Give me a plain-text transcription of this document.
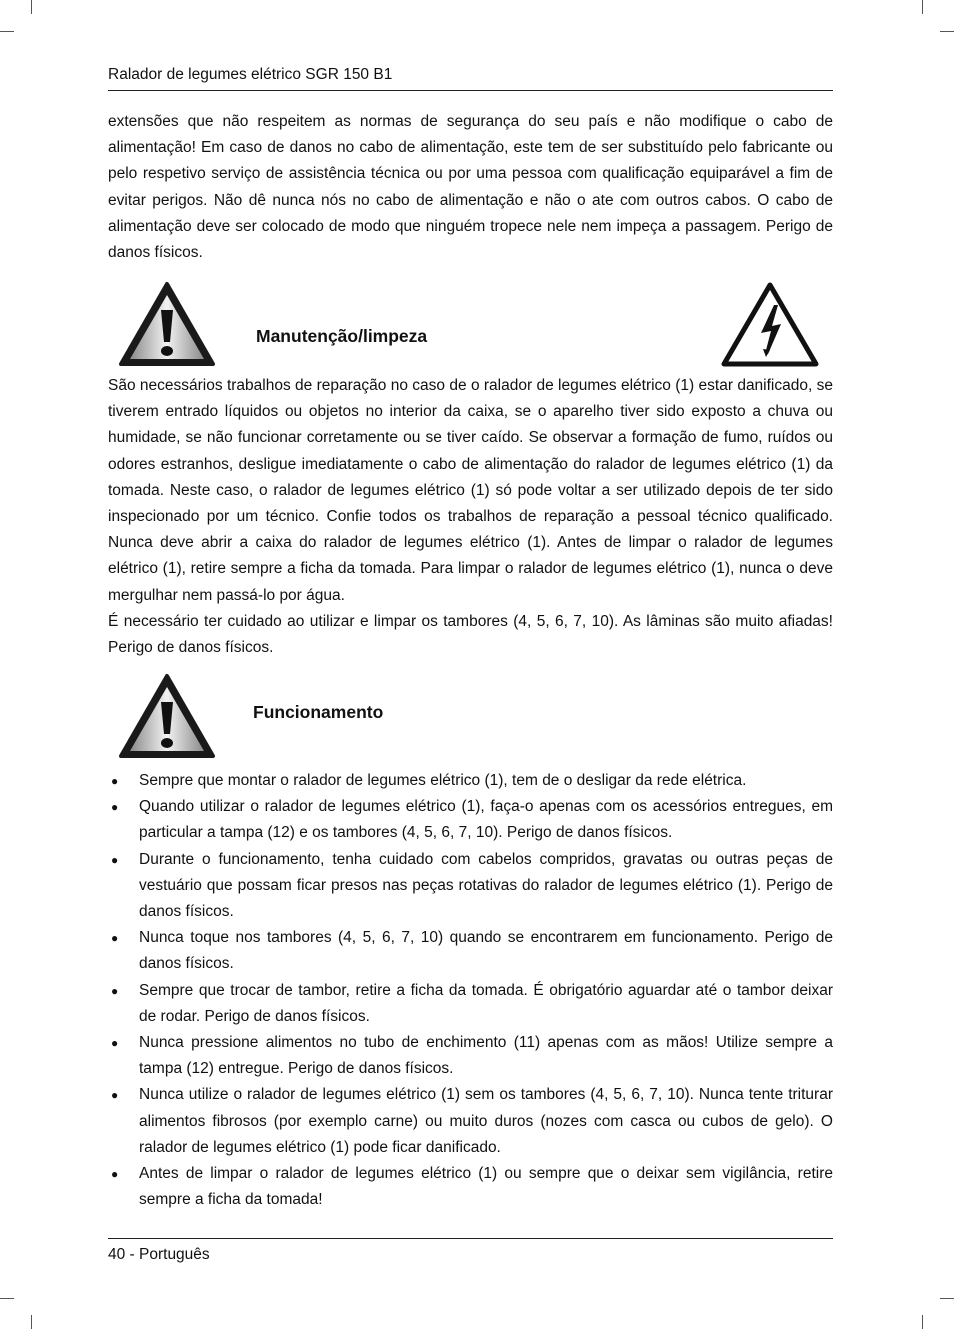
Ralador de legumes elétrico SGR 150 B1

extensões que não respeitem as normas de segurança do seu país e não modifique o cabo de alimentação! Em caso de danos no cabo de alimentação, este tem de ser substituído pelo fabricante ou pelo respetivo serviço de assistência técnica ou por uma pessoa com qualificação equiparável a fim de evitar perigos. Não dê nunca nós no cabo de alimentação e não o ate com outros cabos. O cabo de alimentação deve ser colocado de modo que ninguém tropece nele nem impeça a passagem. Perigo de danos físicos.

Manutenção/limpeza

São necessários trabalhos de reparação no caso de o ralador de legumes elétrico (1) estar danificado, se tiverem entrado líquidos ou objetos no interior da caixa, se o aparelho tiver sido exposto a chuva ou humidade, se não funcionar corretamente ou se tiver caído. Se observar a formação de fumo, ruídos ou odores estranhos, desligue imediatamente o cabo de alimentação do ralador de legumes elétrico (1) da tomada. Neste caso, o ralador de legumes elétrico (1) só pode voltar a ser utilizado depois de ter sido inspecionado por um técnico. Confie todos os trabalhos de reparação a pessoal técnico qualificado. Nunca deve abrir a caixa do ralador de legumes elétrico (1). Antes de limpar o ralador de legumes elétrico (1), retire sempre a ficha da tomada. Para limpar o ralador de legumes elétrico (1), nunca o deve mergulhar nem passá-lo por água.

É necessário ter cuidado ao utilizar e limpar os tambores (4, 5, 6, 7, 10). As lâminas são muito afiadas! Perigo de danos físicos.

Funcionamento
● Sempre que montar o ralador de legumes elétrico (1), tem de o desligar da rede elétrica.
● Quando utilizar o ralador de legumes elétrico (1), faça-o apenas com os acessórios entregues, em particular a tampa (12) e os tambores (4, 5, 6, 7, 10). Perigo de danos físicos.
● Durante o funcionamento, tenha cuidado com cabelos compridos, gravatas ou outras peças de vestuário que possam ficar presos nas peças rotativas do ralador de legumes elétrico (1). Perigo de danos físicos.
● Nunca toque nos tambores (4, 5, 6, 7, 10) quando se encontrarem em funcionamento. Perigo de danos físicos.
● Sempre que trocar de tambor, retire a ficha da tomada. É obrigatório aguardar até o tambor deixar de rodar. Perigo de danos físicos.
● Nunca pressione alimentos no tubo de enchimento (11) apenas com as mãos! Utilize sempre a tampa (12) entregue. Perigo de danos físicos.
● Nunca utilize o ralador de legumes elétrico (1) sem os tambores (4, 5, 6, 7, 10). Nunca tente triturar alimentos fibrosos (por exemplo carne) ou muito duros (nozes com casca ou cubos de gelo). O ralador de legumes elétrico (1) pode ficar danificado.
● Antes de limpar o ralador de legumes elétrico (1) ou sempre que o deixar sem vigilância, retire sempre a ficha da tomada!
40 - Português
